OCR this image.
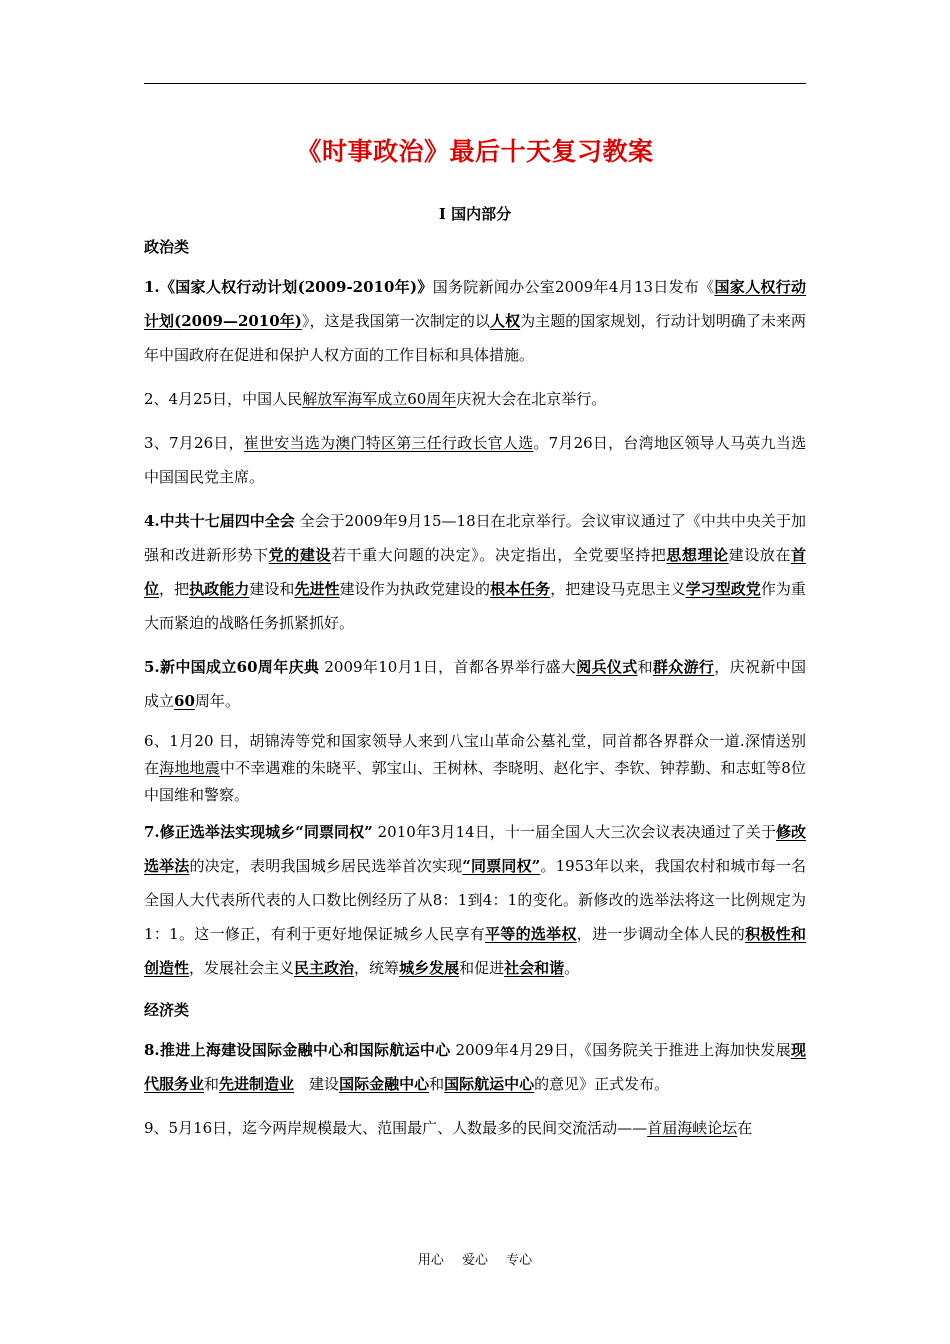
《时事政治》最后十天复习教案
Ⅰ 国内部分
政治类

1.《国家人权行动计划(2009-2010年)》国务院新闻办公室2009年4月13日发布《国家人权行动计划(2009—2010年)》，这是我国第一次制定的以人权为主题的国家规划，行动计划明确了未来两年中国政府在促进和保护人权方面的工作目标和具体措施。

2、4月25日，中国人民解放军海军成立60周年庆祝大会在北京举行。

3、7月26日，崔世安当选为澳门特区第三任行政长官人选。7月26日，台湾地区领导人马英九当选中国国民党主席。

4.中共十七届四中全会 全会于2009年9月15—18日在北京举行。会议审议通过了《中共中央关于加强和改进新形势下党的建设若干重大问题的决定》。决定指出，全党要坚持把思想理论建设放在首位，把执政能力建设和先进性建设作为执政党建设的根本任务，把建设马克思主义学习型政党作为重大而紧迫的战略任务抓紧抓好。

5.新中国成立60周年庆典 2009年10月1日，首都各界举行盛大阅兵仪式和群众游行，庆祝新中国成立60周年。

6、1月20 日，胡锦涛等党和国家领导人来到八宝山革命公墓礼堂，同首都各界群众一道.深情送别在海地地震中不幸遇难的朱晓平、郭宝山、王树林、李晓明、赵化宇、李钦、钟荐勤、和志虹等8位中国维和警察。

7.修正选举法实现城乡“同票同权” 2010年3月14日，十一届全国人大三次会议表决通过了关于修改选举法的决定，表明我国城乡居民选举首次实现“同票同权”。1953年以来，我国农村和城市每一名全国人大代表所代表的人口数比例经历了从8：1到4：1的变化。新修改的选举法将这一比例规定为1：1。这一修正，有利于更好地保证城乡人民享有平等的选举权，进一步调动全体人民的积极性和创造性，发展社会主义民主政治，统筹城乡发展和促进社会和谐。

经济类

8.推进上海建设国际金融中心和国际航运中心 2009年4月29日，《国务院关于推进上海加快发展现代服务业和先进制造业　建设国际金融中心和国际航运中心的意见》正式发布。

9、5月16日，迄今两岸规模最大、范围最广、人数最多的民间交流活动——首届海峡论坛在

用心 爱心 专心
